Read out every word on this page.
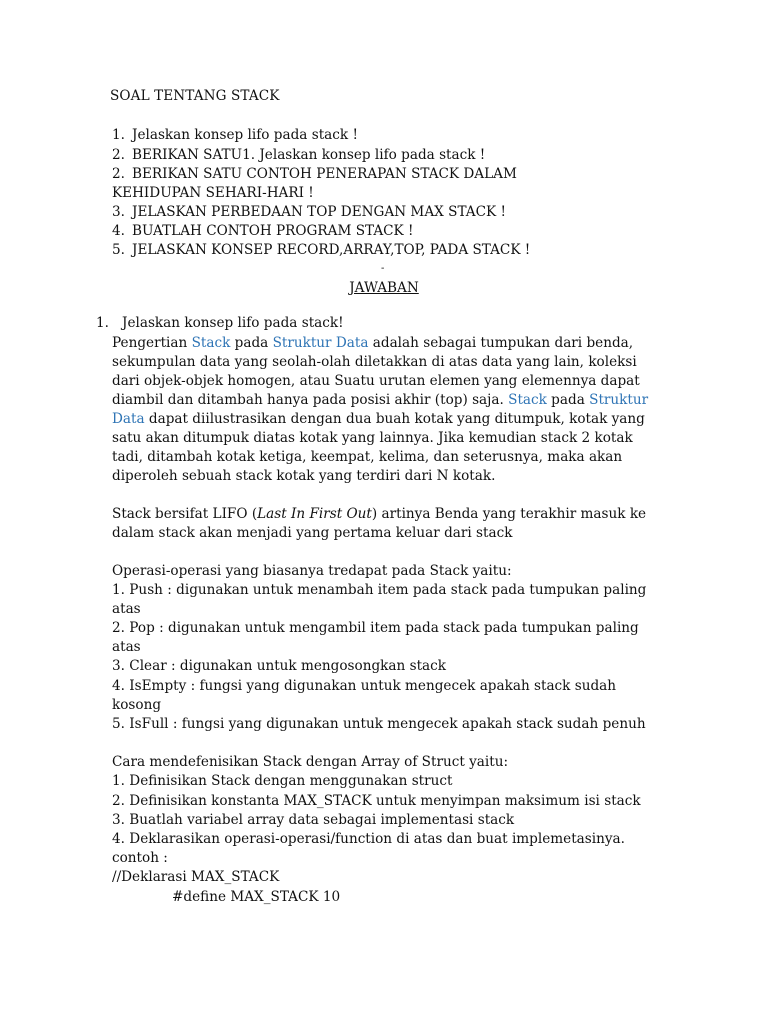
SOAL TENTANG STACK
1. Jelaskan konsep lifo pada stack !
2. BERIKAN SATU1. Jelaskan konsep lifo pada stack !
2. BERIKAN SATU CONTOH PENERAPAN STACK DALAM
KEHIDUPAN SEHARI-HARI !
3. JELASKAN PERBEDAAN TOP DENGAN MAX STACK !
4. BUATLAH CONTOH PROGRAM STACK !
5. JELASKAN KONSEP RECORD,ARRAY,TOP, PADA STACK !
-
JAWABAN
1. Jelaskan konsep lifo pada stack!
Pengertian Stack pada Struktur Data adalah sebagai tumpukan dari benda,
sekumpulan data yang seolah-olah diletakkan di atas data yang lain, koleksi
dari objek-objek homogen, atau Suatu urutan elemen yang elemennya dapat
diambil dan ditambah hanya pada posisi akhir (top) saja. Stack pada Struktur
Data dapat diilustrasikan dengan dua buah kotak yang ditumpuk, kotak yang
satu akan ditumpuk diatas kotak yang lainnya. Jika kemudian stack 2 kotak
tadi, ditambah kotak ketiga, keempat, kelima, dan seterusnya, maka akan
diperoleh sebuah stack kotak yang terdiri dari N kotak.
Stack bersifat LIFO (Last In First Out) artinya Benda yang terakhir masuk ke
dalam stack akan menjadi yang pertama keluar dari stack
Operasi-operasi yang biasanya tredapat pada Stack yaitu:
1. Push : digunakan untuk menambah item pada stack pada tumpukan paling
atas
2. Pop : digunakan untuk mengambil item pada stack pada tumpukan paling
atas
3. Clear : digunakan untuk mengosongkan stack
4. IsEmpty : fungsi yang digunakan untuk mengecek apakah stack sudah
kosong
5. IsFull : fungsi yang digunakan untuk mengecek apakah stack sudah penuh
Cara mendefenisikan Stack dengan Array of Struct yaitu:
1. Definisikan Stack dengan menggunakan struct
2. Definisikan konstanta MAX_STACK untuk menyimpan maksimum isi stack
3. Buatlah variabel array data sebagai implementasi stack
4. Deklarasikan operasi-operasi/function di atas dan buat implemetasinya.
contoh :
//Deklarasi MAX_STACK
#define MAX_STACK 10
